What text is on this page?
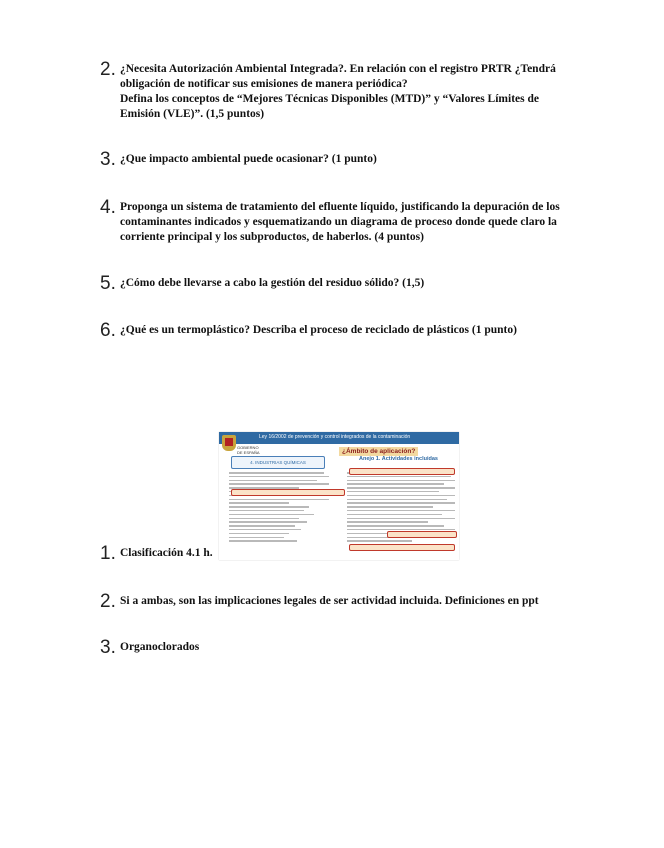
2. ¿Necesita Autorización Ambiental Integrada?. En relación con el registro PRTR ¿Tendrá
obligación de notificar sus emisiones de manera periódica?
Defina los conceptos de “Mejores Técnicas Disponibles (MTD)” y “Valores Límites de
Emisión (VLE)”. (1,5 puntos)
3. ¿Que impacto ambiental puede ocasionar? (1 punto)
4. Proponga un sistema de tratamiento del efluente líquido, justificando la depuración de los
contaminantes indicados y esquematizando un diagrama de proceso donde quede claro la
corriente principal y los subproductos, de haberlos. (4 puntos)
5. ¿Cómo debe llevarse a cabo la gestión del residuo sólido? (1,5)
6. ¿Qué es un termoplástico? Describa el proceso de reciclado de plásticos (1 punto)
Ley 16/2002 de prevención y control integrados de la contaminación
GOBIERNO DE ESPAÑA	¿Ámbito de aplicación?
4. INDUSTRIAS QUÍMICAS
Anejo 1. Actividades incluidas
1. Clasificación 4.1 h.
2. Si a ambas, son las implicaciones legales de ser actividad incluida. Definiciones en ppt
3. Organoclorados
